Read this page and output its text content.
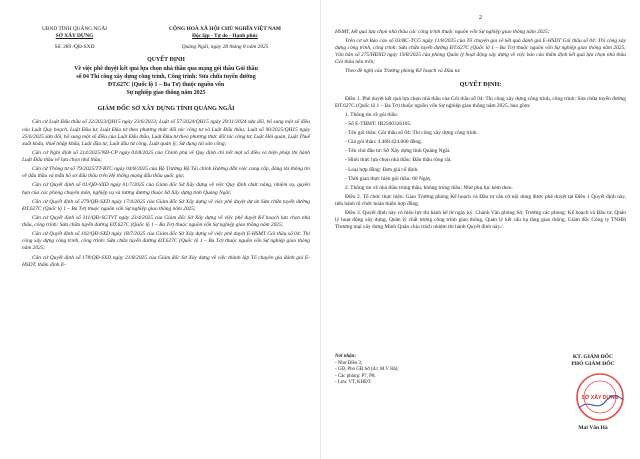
UBND TỈNH QUẢNG NGÃI
SỞ XÂY DỰNG
Số: 289 /QĐ-SXD
CỘNG HOÀ XÃ HỘI CHỦ NGHĨA VIỆT NAM
Độc lập - Tự do - Hạnh phúc
Quảng Ngãi, ngày 28 tháng 8 năm 2025
QUYẾT ĐỊNH
Về việc phê duyệt kết quả lựa chọn nhà thầu qua mạng gói thầu Gói thầu
số 04 Thi công xây dựng công trình, Công trình: Sửa chữa tuyến đường
ĐT.627C (Quốc lộ 1 – Ba Tơ) thuộc nguồn vốn
Sự nghiệp giao thông năm 2025
GIÁM ĐỐC SỞ XÂY DỰNG TỈNH QUẢNG NGÃI

Căn cứ Luật Đấu thầu số 22/2023/QH15 ngày 23/6/2023; Luật số 57/2024/QH15 ngày 29/11/2024 sửa đổi, bổ sung một số điều của Luật Quy hoạch, Luật Đầu tư, Luật Đầu tư theo phương thức đối tác công tư và Luật Đấu thầu; Luật số 90/2025/QH15 ngày 25/6/2025 sửa đổi, bổ sung một số điều của Luật Đấu thầu, Luật Đầu tư theo phương thức đối tác công tư, Luật Hải quan, Luật Thuế xuất khẩu, thuế nhập khẩu, Luật đầu tư, Luật đầu tư công, Luật quản lý, Sử dụng tài sản công;

Căn cứ Nghị định số 214/2025/NĐ-CP ngày 04/8/2025 của Chính phủ về Quy định chi tiết một số điều và biện pháp thi hành Luật Đấu thầu về lựa chọn nhà thầu;

Căn cứ Thông tư số 79/2025/TT-BTC ngày 04/8/2025 của Bộ Trưởng Bộ Tài chính Hướng dẫn việc cung cấp, đăng tải thông tin về đấu thầu và mẫu hồ sơ đấu thầu trên Hệ thống mạng đấu thầu quốc gia;

Căn cứ Quyết định số 01/QĐ-SXD ngày 01/7/2025 của Giám đốc Sở Xây dựng về việc Quy định chức năng, nhiệm vụ, quyền hạn của các phòng chuyên môn, nghiệp vụ và tương đương thuộc Sở Xây dựng tỉnh Quảng Ngãi;

Căn cứ Quyết định số 279/QĐ-SXD ngày 17/4/2025 của Giám đốc Sở Xây dựng về việc phê duyệt dự án Sửa chữa tuyến đường ĐT.627C (Quốc lộ 1 – Ba Tơ) thuộc nguồn vốn Sự nghiệp giao thông năm 2025;

Căn cứ Quyết định số 311/QĐ-SGTVT ngày 23/4/2025 của Giám đốc Sở Xây dựng về việc phê duyệt Kế hoạch lựa chọn nhà thầu, công trình: Sửa chữa tuyến đường ĐT.627C (Quốc lộ 1 – Ba Tơ) thuộc nguồn vốn Sự nghiệp giao thông năm 2025;

Căn cứ Quyết định số 102/QĐ-SXD ngày 18/7/2025 của Giám đốc Sở Xây dựng về việc phê duyệt E-HSMT Gói thầu số 04: Thi công xây dựng công trình, công trình: Sửa chữa tuyến đường ĐT.627C (Quốc lộ 1 – Ba Tơ) thuộc nguồn vốn Sự nghiệp giao thông năm 2025;

Căn cứ Quyết định số 178/QĐ-SXD ngày 21/8/2025 của Giám đốc Sở Xây dựng về việc thành lập Tổ chuyên gia đánh giá E-HSDT, thẩm định E-

2

HSMT, kết quả lựa chọn nhà thầu các công trình thuộc nguồn vốn Sự nghiệp giao thông năm 2025;

Trên cơ sở Báo cáo số 03/BC-TCG ngày 11/8/2025 của Tổ chuyên gia về kết quả đánh giá E-HSDT Gói thầu số 04: Thi công xây dựng công trình, công trình: Sửa chữa tuyến đường ĐT.627C (Quốc lộ 1 – Ba Tơ) thuộc nguồn vốn Sự nghiệp giao thông năm 2025; Văn bản số 275/HĐXD ngày 19/8/2025 của phòng Quản lý hoạt động xây dựng về việc báo cáo thẩm định kết quả lựa chọn nhà thầu Gói thầu nêu trên;

Theo đề nghị của Trưởng phòng Kế hoạch và Đầu tư.

QUYẾT ĐỊNH:

Điều 1. Phê duyệt kết quả lựa chọn nhà thầu của Gói thầu số 04: Thi công xây dựng công trình, công trình: Sửa chữa tuyến đường ĐT.627C (Quốc lộ 1 – Ba Tơ) thuộc nguồn vốn Sự nghiệp giao thông năm 2025, bao gồm:

1. Thông tin về gói thầu:

- Số E-TBMT: IB2500326105.

- Tên gói thầu: Gói thầu số 04: Thi công xây dựng công trình.

- Giá gói thầu: 4.468.424.000 đồng.

- Tên chủ đầu tư: Sở Xây dựng tỉnh Quảng Ngãi.

- Hình thức lựa chọn nhà thầu: Đấu thầu rộng rãi.

- Loại hợp đồng: Đơn giá cố định.

- Thời gian thực hiện gói thầu: 60 Ngày.

2. Thông tin về nhà thầu trúng thầu, không trúng thầu: Như phụ lục kèm theo.

Điều 2. Tổ chức thực hiện: Giao Trưởng phòng Kế hoạch và Đầu tư căn cứ nội dung được phê duyệt tại Điều 1 Quyết định này, tiến hành tổ chức hoàn thiện hợp đồng.

Điều 3. Quyết định này có hiệu lực thi hành kể từ ngày ký. Chánh Văn phòng Sở, Trưởng các phòng: Kế hoạch và Đầu tư, Quản lý hoạt động xây dựng, Quản lý chất lượng công trình giao thông, Quản lý kết cấu hạ tầng giao thông, Giám đốc Công ty TNHH Thương mại xây dựng Minh Quân chịu trách nhiệm thi hành Quyết định này./.

Nơi nhận:
- Như Điều 3;
- GĐ, Phó GĐ Sở (đ/c M.V Hà);
- Các phòng: P7, P8;
- Lưu: VT, KHĐT.
KT. GIÁM ĐỐC
PHÓ GIÁM ĐỐC
Mai Văn Hà
SỞ XÂY DỰNG
